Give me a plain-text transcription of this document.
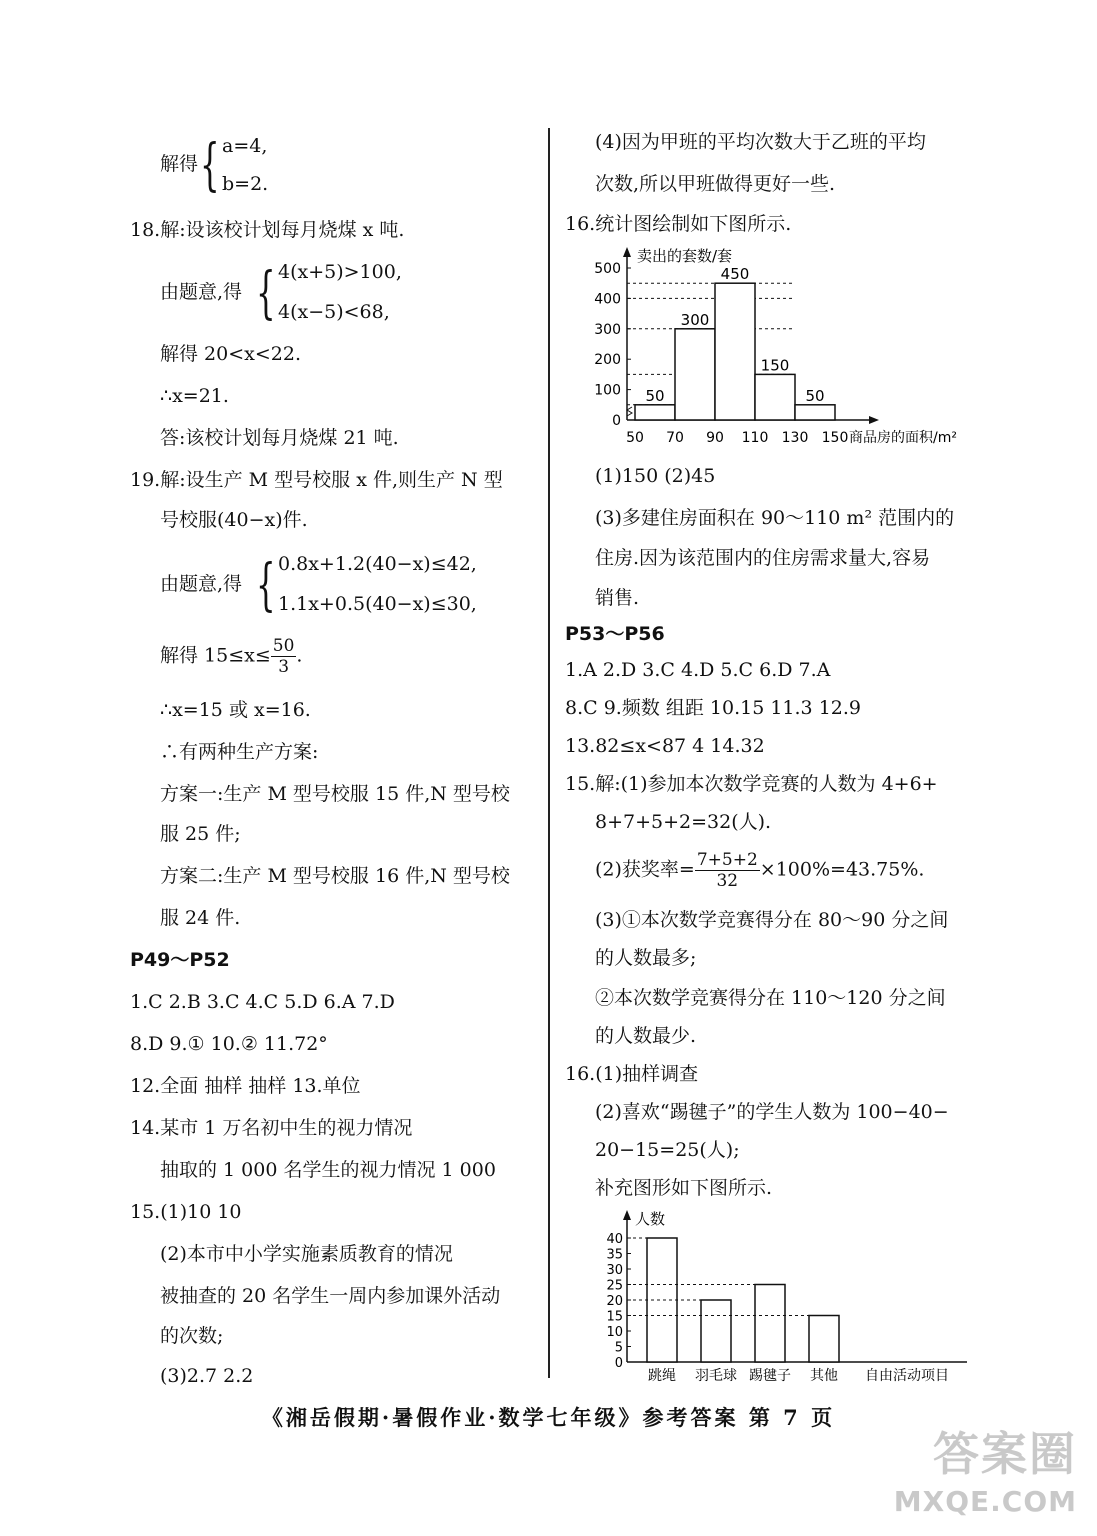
解得 { a=4,
b=2.
18.解:设该校计划每月烧煤 x 吨.
由题意,得 { 4(x+5)>100,
4(x−5)<68,
解得 20<x<22.
∴x=21.
答:该校计划每月烧煤 21 吨.
19.解:设生产 M 型号校服 x 件,则生产 N 型
号校服(40−x)件.
由题意,得 { 0.8x+1.2(40−x)≤42,
1.1x+0.5(40−x)≤30,
解得 $15\le x\le \frac{50}{3}$ .
∴x=15 或 x=16.
∴有两种生产方案:
方案一:生产 M 型号校服 15 件,N 型号校
服 25 件;
方案二:生产 M 型号校服 16 件,N 型号校
服 24 件.
P49～P52
1.C 2.B 3.C 4.C 5.D 6.A 7.D
8.D 9.① 10.② 11.72°
12.全面 抽样 抽样 13.单位
14.某市 1 万名初中生的视力情况
抽取的 1 000 名学生的视力情况 1 000
15.(1)10 10
(2)本市中小学实施素质教育的情况
被抽查的 20 名学生一周内参加课外活动
的次数;
(3)2.7 2.2
(4)因为甲班的平均次数大于乙班的平均
次数,所以甲班做得更好一些.
16.统计图绘制如下图所示.
卖出的套数/套
0
100
200
300
400
500
50
300
450
150
50
50 70 90 110 130 150 商品房的面积/m²
(1)150 (2)45
(3)多建住房面积在 90～110 m² 范围内的
住房.因为该范围内的住房需求量大,容易
销售.
P53～P56
1.A 2.D 3.C 4.D 5.C 6.D 7.A
8.C 9.频数 组距 10.15 11.3 12.9
13.82≤x<87 4 14.32
15.解:(1)参加本次数学竞赛的人数为 4+6+
8+7+5+2=32(人).
(2)获奖率= $\frac{7+5+2}{32} \times 100\%=43.75\%$.
(3)①本次数学竞赛得分在 80～90 分之间
的人数最多;
②本次数学竞赛得分在 110～120 分之间
的人数最少.
16.(1)抽样调查
(2)喜欢“踢毽子”的学生人数为 100−40−
20−15=25(人);
补充图形如下图所示.
人数
0
5
10
15
20
25
30
35
40
跳绳 羽毛球 踢毽子 其他 自由活动项目
《湘岳假期·暑假作业·数学七年级》参考答案 第 7 页
答案圈
MXQE.COM
